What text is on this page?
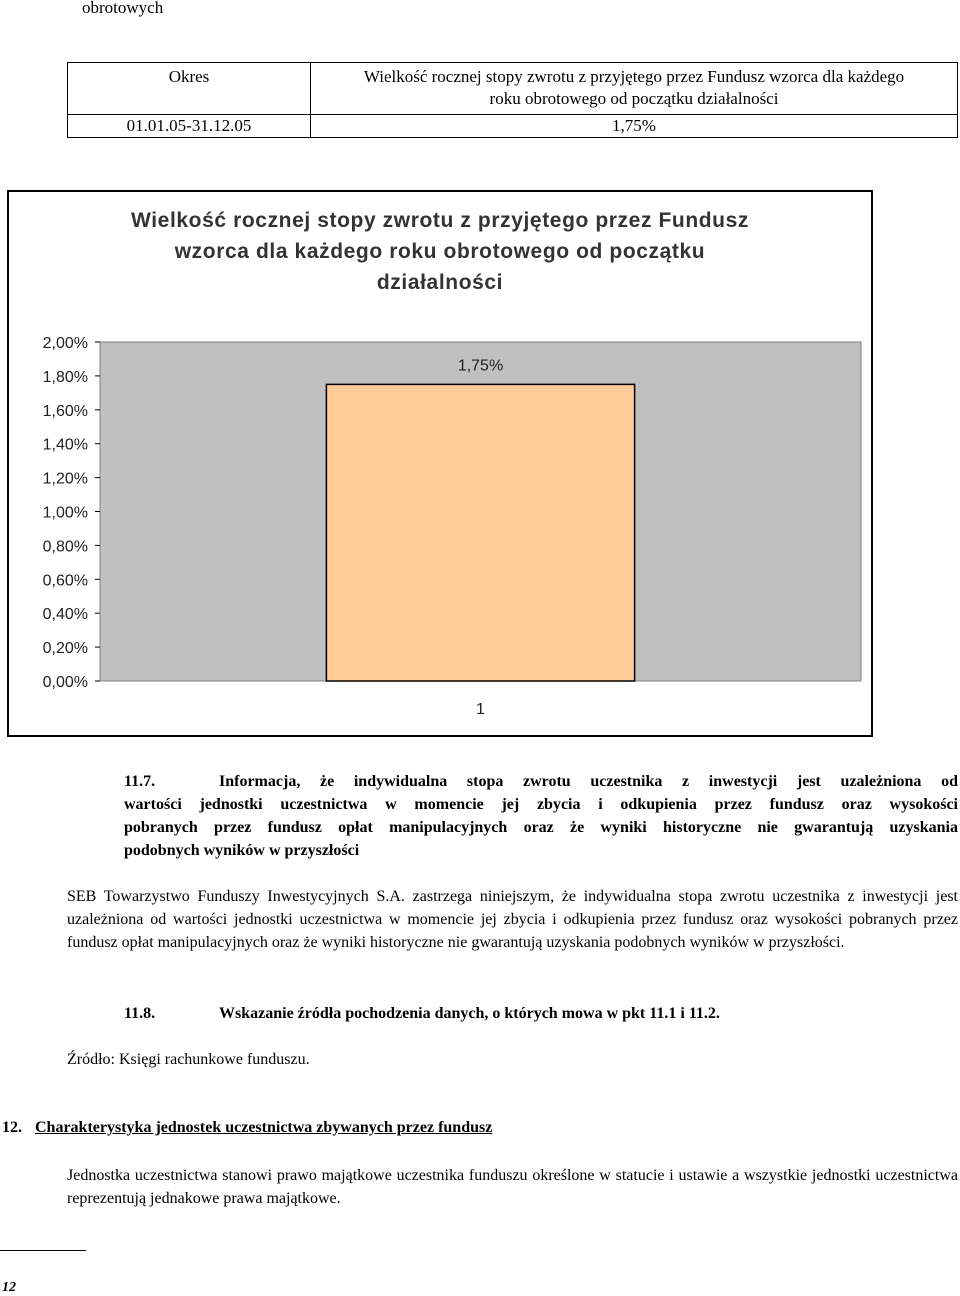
obrotowych
Okres	Wielkość rocznej stopy zwrotu z przyjętego przez Fundusz wzorca dla każdego
roku obrotowego od początku działalności

01.01.05-31.12.05	1,75%
Wielkość rocznej stopy zwrotu z przyjętego przez Fundusz
wzorca dla każdego roku obrotowego od początku
działalności
2,00%
1,80%
1,60%
1,40%
1,20%
1,00%
0,80%
0,60%
0,40%
0,20%
0,00%
1,75%
1
11.7.	Informacja, że indywidualna stopa zwrotu uczestnika z inwestycji jest uzależniona od
wartości jednostki uczestnictwa w momencie jej zbycia i odkupienia przez fundusz oraz wysokości
pobranych przez fundusz opłat manipulacyjnych oraz że wyniki historyczne nie gwarantują uzyskania
podobnych wyników w przyszłości
SEB Towarzystwo Funduszy Inwestycyjnych S.A. zastrzega niniejszym, że indywidualna stopa zwrotu uczestnika z inwestycji jest uzależniona od wartości jednostki uczestnictwa w momencie jej zbycia i odkupienia przez fundusz oraz wysokości pobranych przez fundusz opłat manipulacyjnych oraz że wyniki historyczne nie gwarantują uzyskania podobnych wyników w przyszłości.
11.8.	Wskazanie źródła pochodzenia danych, o których mowa w pkt 11.1 i 11.2.
Źródło: Księgi rachunkowe funduszu.
12. Charakterystyka jednostek uczestnictwa zbywanych przez fundusz
Jednostka uczestnictwa stanowi prawo majątkowe uczestnika funduszu określone w statucie i ustawie a wszystkie jednostki uczestnictwa reprezentują jednakowe prawa majątkowe.
12
